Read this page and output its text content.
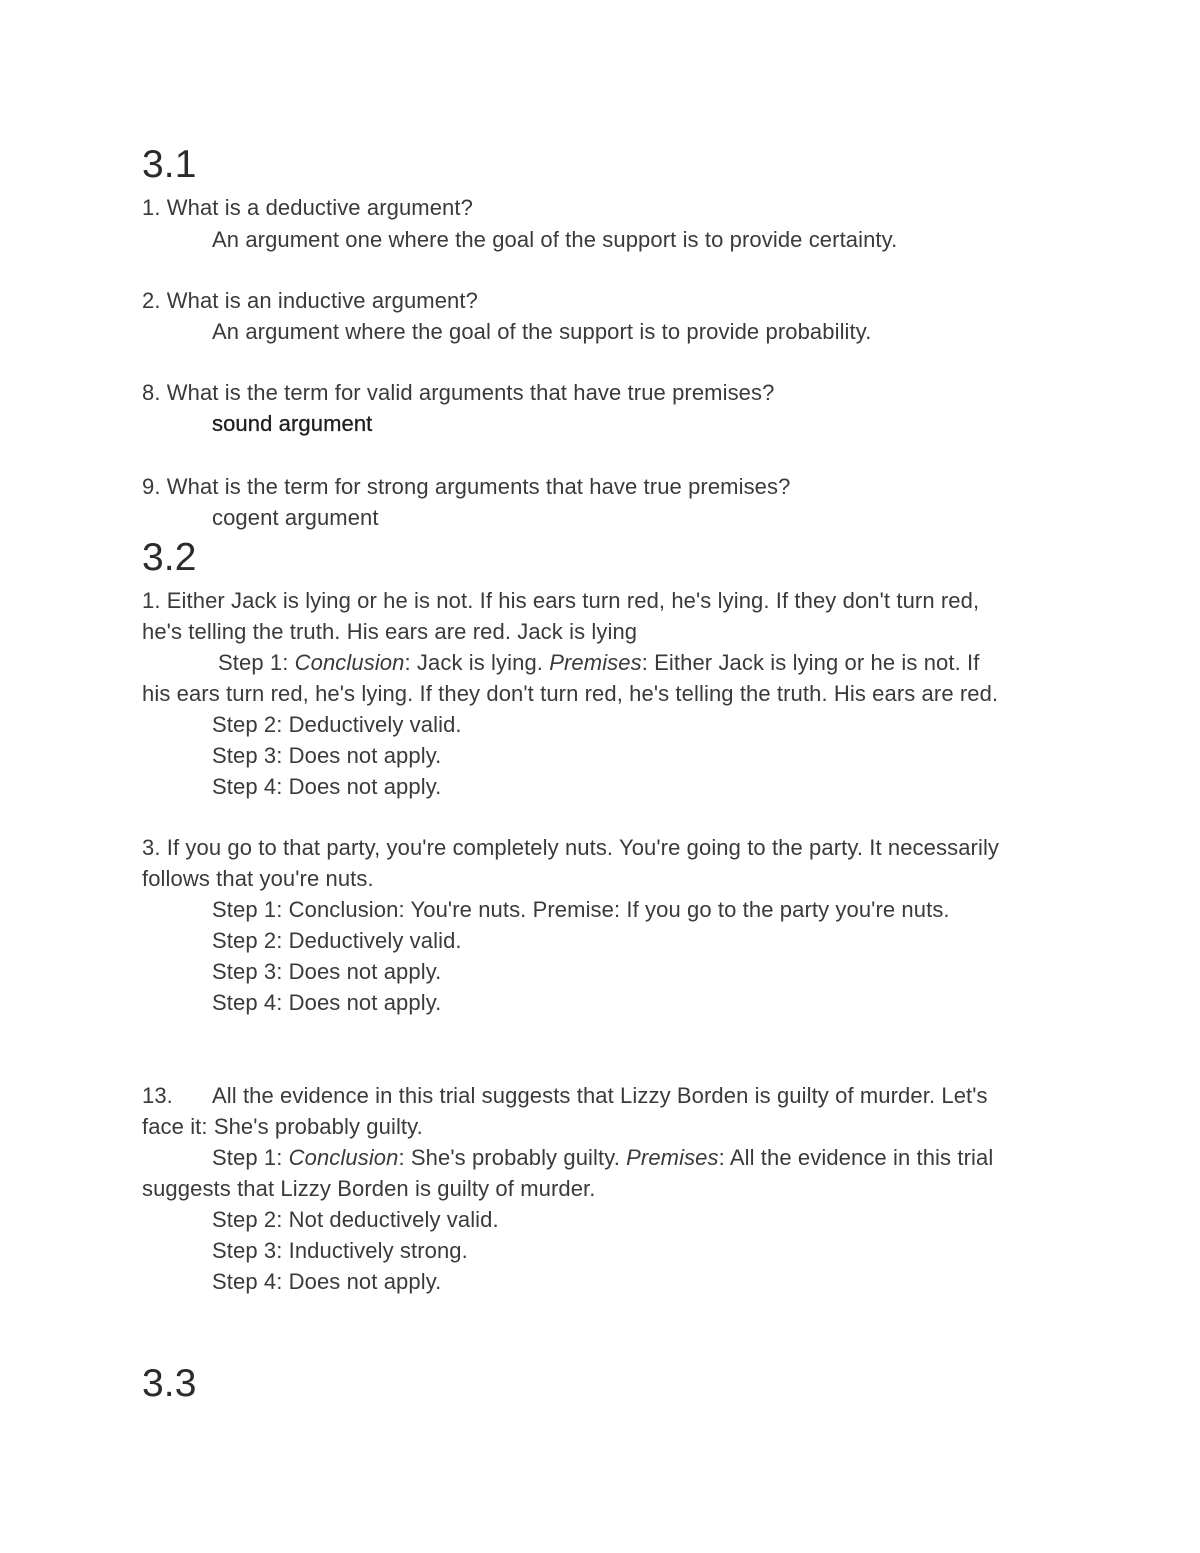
3.1
1. What is a deductive argument?
An argument one where the goal of the support is to provide certainty.
2. What is an inductive argument?
An argument where the goal of the support is to provide probability.
8. What is the term for valid arguments that have true premises?
sound argument
9. What is the term for strong arguments that have true premises?
cogent argument
3.2
1. Either Jack is lying or he is not. If his ears turn red, he's lying. If they don't turn red,
he's telling the truth. His ears are red. Jack is lying
Step 1: Conclusion: Jack is lying. Premises: Either Jack is lying or he is not. If
his ears turn red, he's lying. If they don't turn red, he's telling the truth. His ears are red.
Step 2: Deductively valid.
Step 3: Does not apply.
Step 4: Does not apply.
3. If you go to that party, you're completely nuts. You're going to the party. It necessarily
follows that you're nuts.
Step 1: Conclusion: You're nuts. Premise: If you go to the party you're nuts.
Step 2: Deductively valid.
Step 3: Does not apply.
Step 4: Does not apply.
13. All the evidence in this trial suggests that Lizzy Borden is guilty of murder. Let's
face it: She's probably guilty.
Step 1: Conclusion: She's probably guilty. Premises: All the evidence in this trial
suggests that Lizzy Borden is guilty of murder.
Step 2: Not deductively valid.
Step 3: Inductively strong.
Step 4: Does not apply.
3.3
